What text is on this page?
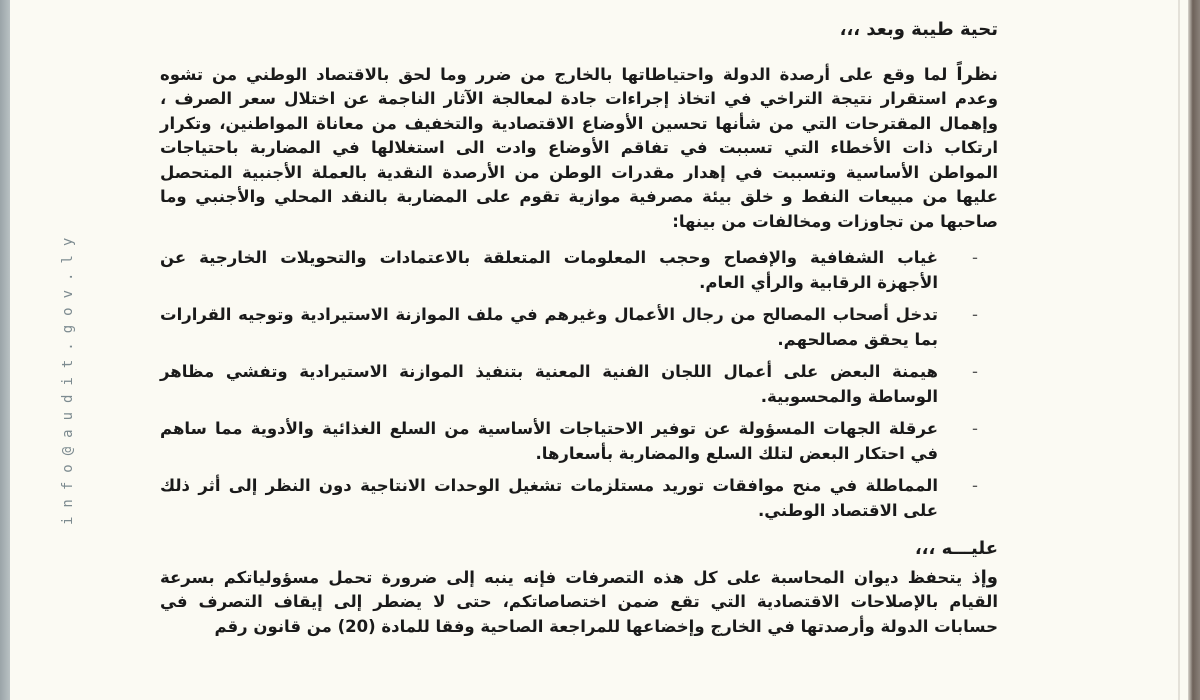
info@audit.gov.ly
تحية طيبة وبعد ،،،

نظراً لما وقع على أرصدة الدولة واحتياطاتها بالخارج من ضرر وما لحق بالاقتصاد الوطني من تشوه وعدم استقرار نتيجة التراخي في اتخاذ إجراءات جادة لمعالجة الآثار الناجمة عن اختلال سعر الصرف ، وإهمال المقترحات التي من شأنها تحسين الأوضاع الاقتصادية والتخفيف من معاناة المواطنين، وتكرار ارتكاب ذات الأخطاء التي تسببت في تفاقم الأوضاع وادت الى استغلالها في المضاربة باحتياجات المواطن الأساسية وتسببت في إهدار مقدرات الوطن من الأرصدة النقدية بالعملة الأجنبية المتحصل عليها من مبيعات النفط و خلق بيئة مصرفية موازية تقوم على المضاربة بالنقد المحلي والأجنبي وما صاحبها من تجاوزات ومخالفات من بينها:

-
غياب الشفافية والإفصاح وحجب المعلومات المتعلقة بالاعتمادات والتحويلات الخارجية عن الأجهزة الرقابية والرأي العام.
-
تدخل أصحاب المصالح من رجال الأعمال وغيرهم في ملف الموازنة الاستيرادية وتوجيه القرارات بما يحقق مصالحهم.
-
هيمنة البعض على أعمال اللجان الفنية المعنية بتنفيذ الموازنة الاستيرادية وتفشي مظاهر الوساطة والمحسوبية.
-
عرقلة الجهات المسؤولة عن توفير الاحتياجات الأساسية من السلع الغذائية والأدوية مما ساهم في احتكار البعض لتلك السلع والمضاربة بأسعارها.
-
المماطلة في منح موافقات توريد مستلزمات تشغيل الوحدات الانتاجية دون النظر إلى أثر ذلك على الاقتصاد الوطني.
عليـــه ،،،

وإذ يتحفظ ديوان المحاسبة على كل هذه التصرفات فإنه ينبه إلى ضرورة تحمل مسؤولياتكم بسرعة القيام بالإصلاحات الاقتصادية التي تقع ضمن اختصاصاتكم، حتى لا يضطر إلى إيقاف التصرف في حسابات الدولة وأرصدتها في الخارج وإخضاعها للمراجعة الصاحية وفقا للمادة (20) من قانون رقم
